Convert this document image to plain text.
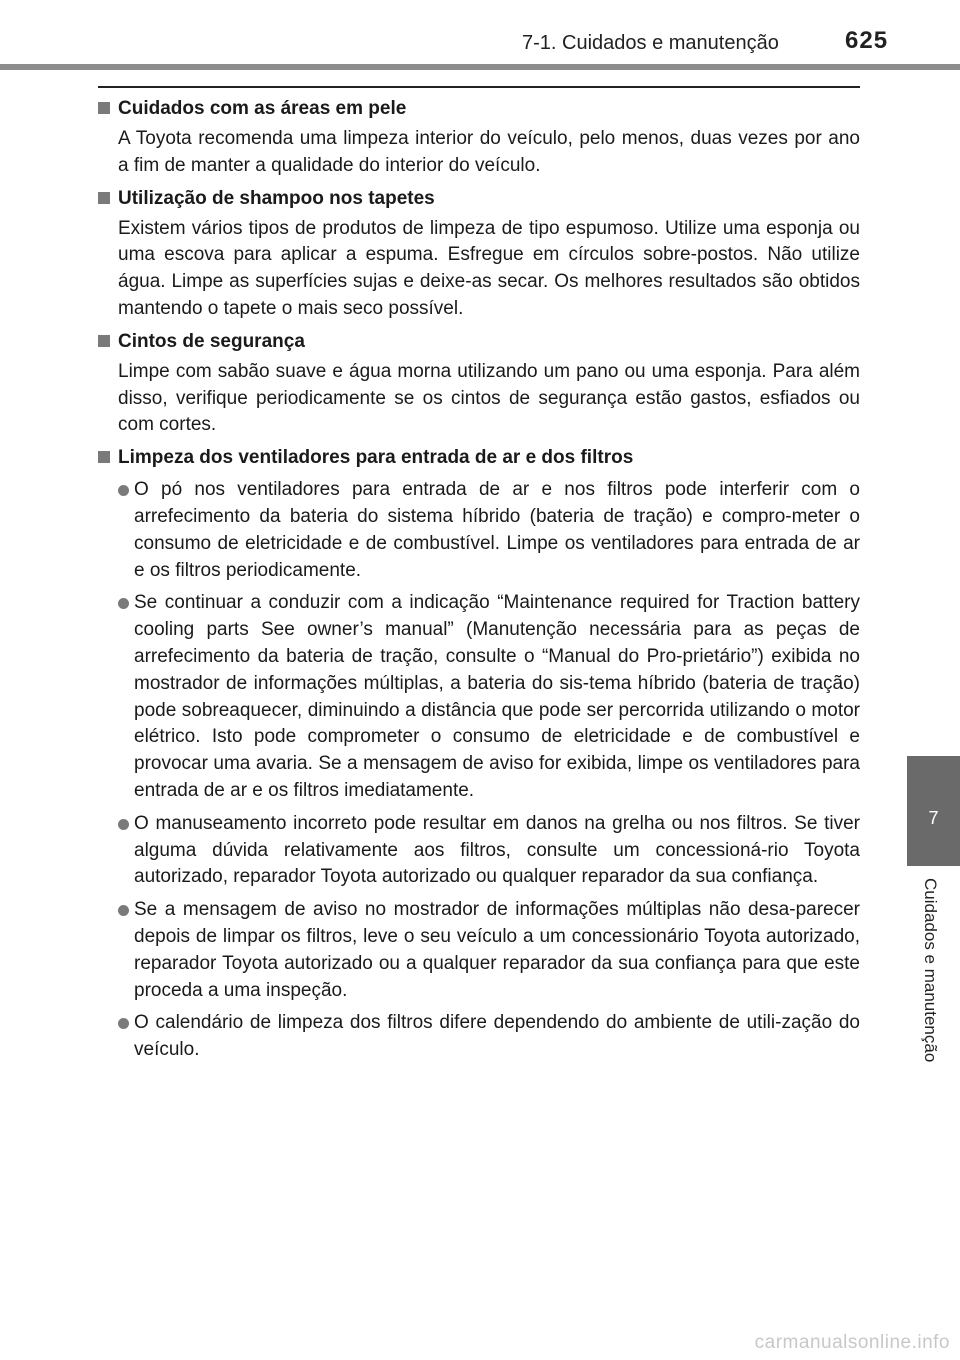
7-1. Cuidados e manutenção	625
7
Cuidados e manutenção
Cuidados com as áreas em pele
A Toyota recomenda uma limpeza interior do veículo, pelo menos, duas vezes por ano a fim de manter a qualidade do interior do veículo.
Utilização de shampoo nos tapetes
Existem vários tipos de produtos de limpeza de tipo espumoso. Utilize uma esponja ou uma escova para aplicar a espuma. Esfregue em círculos sobre-postos. Não utilize água. Limpe as superfícies sujas e deixe-as secar. Os melhores resultados são obtidos mantendo o tapete o mais seco possível.
Cintos de segurança
Limpe com sabão suave e água morna utilizando um pano ou uma esponja. Para além disso, verifique periodicamente se os cintos de segurança estão gastos, esfiados ou com cortes.
Limpeza dos ventiladores para entrada de ar e dos filtros
O pó nos ventiladores para entrada de ar e nos filtros pode interferir com o arrefecimento da bateria do sistema híbrido (bateria de tração) e compro-meter o consumo de eletricidade e de combustível. Limpe os ventiladores para entrada de ar e os filtros periodicamente.
Se continuar a conduzir com a indicação “Maintenance required for Traction battery cooling parts See owner’s manual” (Manutenção necessária para as peças de arrefecimento da bateria de tração, consulte o “Manual do Pro-prietário”) exibida no mostrador de informações múltiplas, a bateria do sis-tema híbrido (bateria de tração) pode sobreaquecer, diminuindo a distância que pode ser percorrida utilizando o motor elétrico. Isto pode comprometer o consumo de eletricidade e de combustível e provocar uma avaria. Se a mensagem de aviso for exibida, limpe os ventiladores para entrada de ar e os filtros imediatamente.
O manuseamento incorreto pode resultar em danos na grelha ou nos filtros. Se tiver alguma dúvida relativamente aos filtros, consulte um concessioná-rio Toyota autorizado, reparador Toyota autorizado ou qualquer reparador da sua confiança.
Se a mensagem de aviso no mostrador de informações múltiplas não desa-parecer depois de limpar os filtros, leve o seu veículo a um concessionário Toyota autorizado, reparador Toyota autorizado ou a qualquer reparador da sua confiança para que este proceda a uma inspeção.
O calendário de limpeza dos filtros difere dependendo do ambiente de utili-zação do veículo.
carmanualsonline.info
